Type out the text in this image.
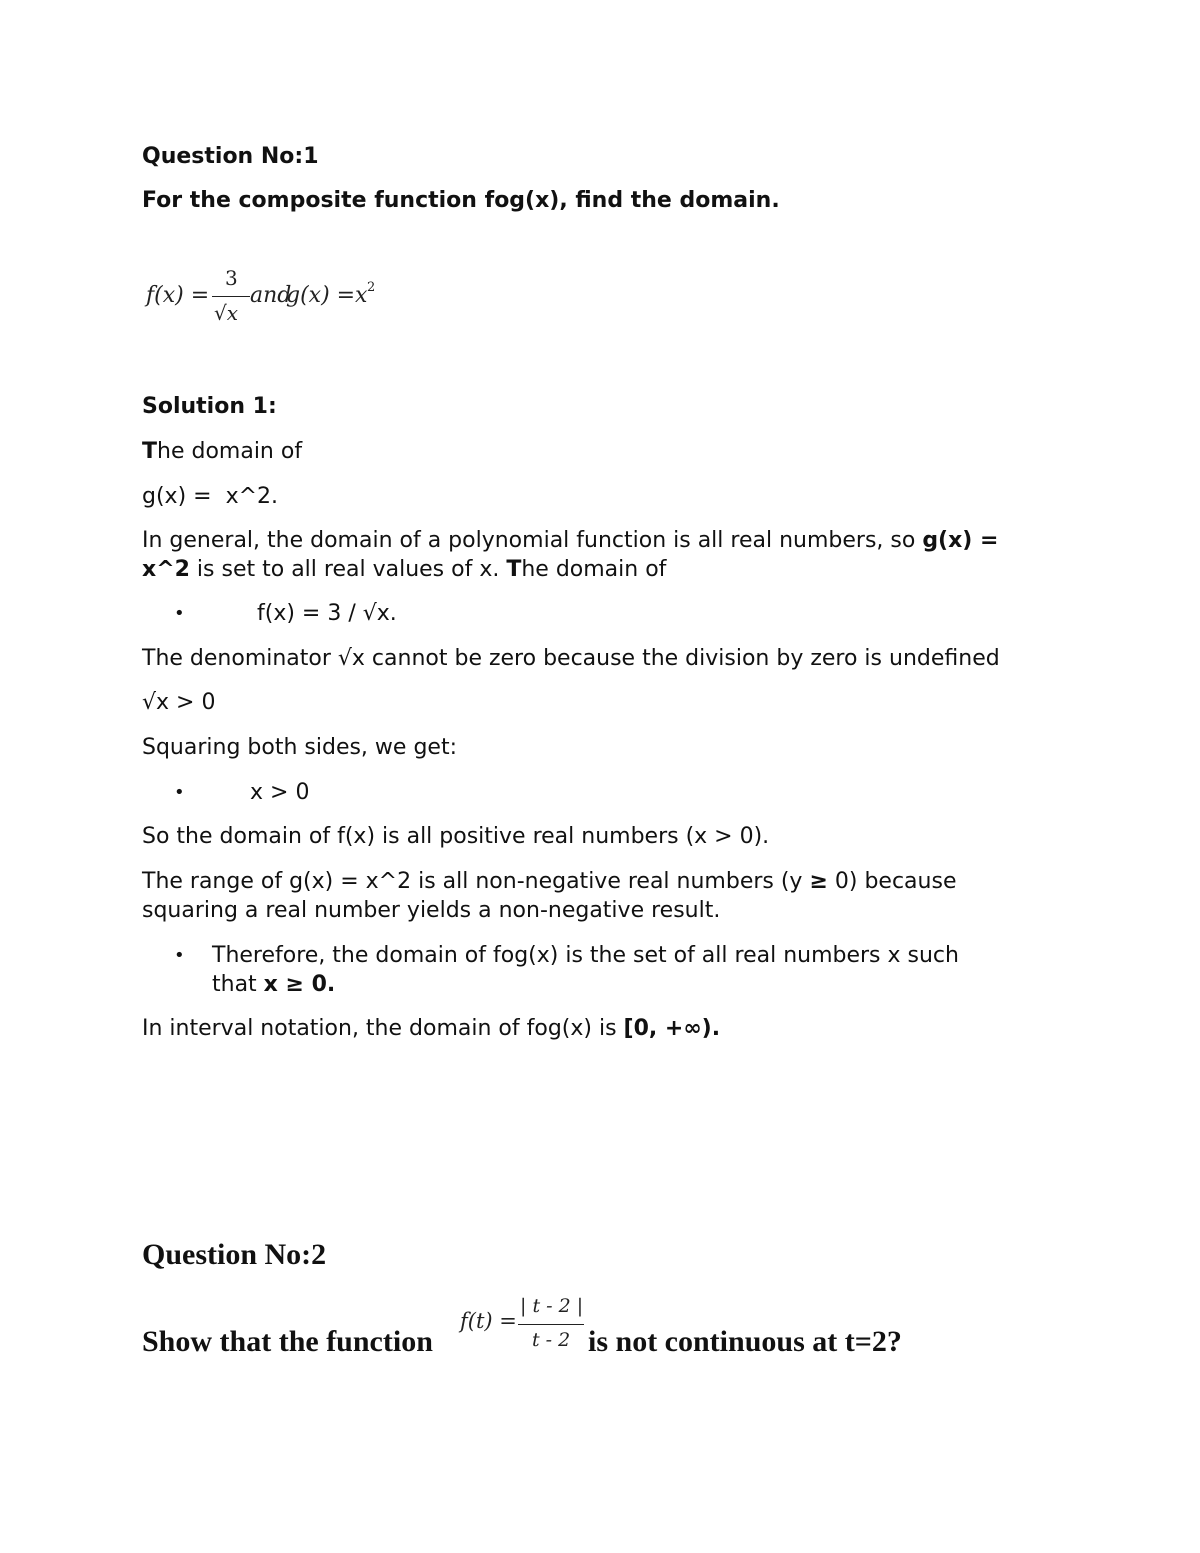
Question No:1
For the composite function fog(x), find the domain.
f(x) =
3
√x
and
g(x) = x 2
Solution 1:
The domain of
g(x) =  x^2.
In general, the domain of a polynomial function is all real numbers, so g(x) =
x^2 is set to all real values of x. The domain of
•	f(x) = 3 / √x.
The denominator √x cannot be zero because the division by zero is undefined
√x > 0
Squaring both sides, we get:
•	x > 0
So the domain of f(x) is all positive real numbers (x > 0).
The range of g(x) = x^2 is all non-negative real numbers (y ≥ 0) because
squaring a real number yields a non-negative result.
• Therefore, the domain of fog(x) is the set of all real numbers x such
that x ≥ 0.
In interval notation, the domain of fog(x) is [0, +∞).
Question No:2
Show that the function
f(t) =
| t - 2 |
t - 2 is not continuous at t=2?
